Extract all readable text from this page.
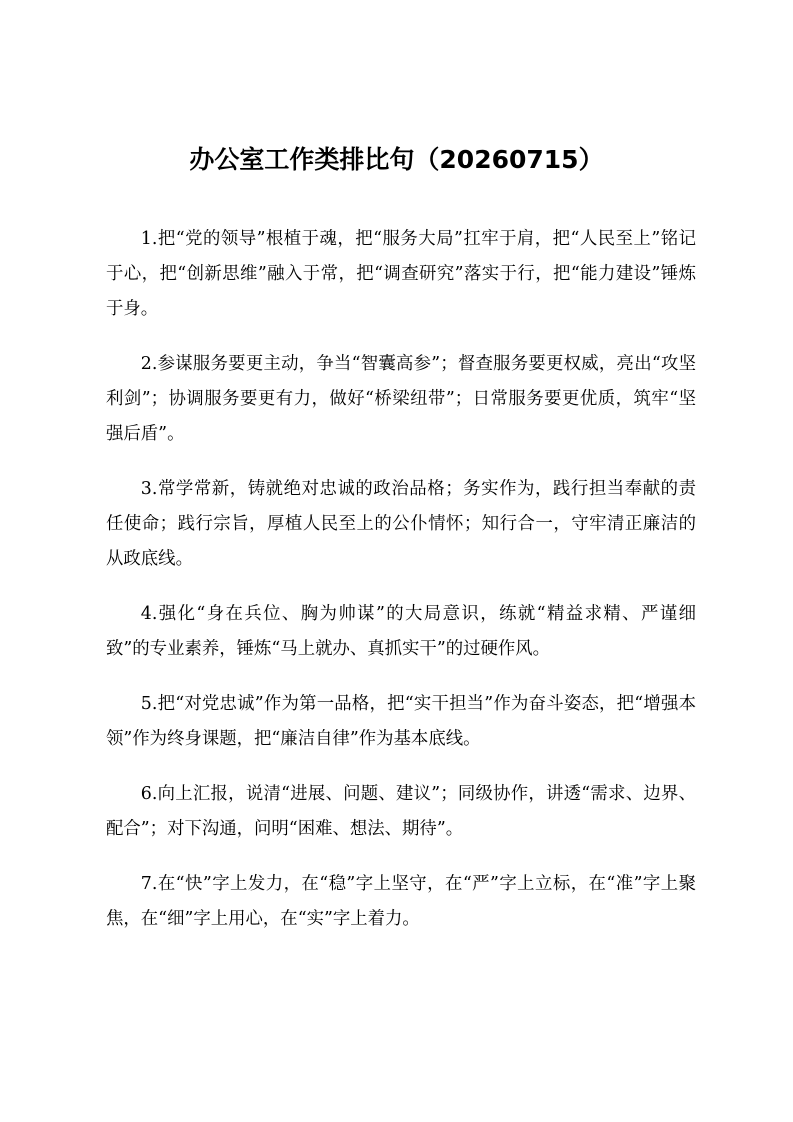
办公室工作类排比句（20260715）

1.把“党的领导”根植于魂，把“服务大局”扛牢于肩，把“人民至上”铭记于心，把“创新思维”融入于常，把“调查研究”落实于行，把“能力建设”锤炼于身。

2.参谋服务要更主动，争当“智囊高参”；督查服务要更权威，亮出“攻坚利剑”；协调服务要更有力，做好“桥梁纽带”；日常服务要更优质，筑牢“坚强后盾”。

3.常学常新，铸就绝对忠诚的政治品格；务实作为，践行担当奉献的责任使命；践行宗旨，厚植人民至上的公仆情怀；知行合一，守牢清正廉洁的从政底线。

4.强化“身在兵位、胸为帅谋”的大局意识，练就“精益求精、严谨细致”的专业素养，锤炼“马上就办、真抓实干”的过硬作风。

5.把“对党忠诚”作为第一品格，把“实干担当”作为奋斗姿态，把“增强本领”作为终身课题，把“廉洁自律”作为基本底线。

6.向上汇报，说清“进展、问题、建议”；同级协作，讲透“需求、边界、配合”；对下沟通，问明“困难、想法、期待”。

7.在“快”字上发力，在“稳”字上坚守，在“严”字上立标，在“准”字上聚焦，在“细”字上用心，在“实”字上着力。
